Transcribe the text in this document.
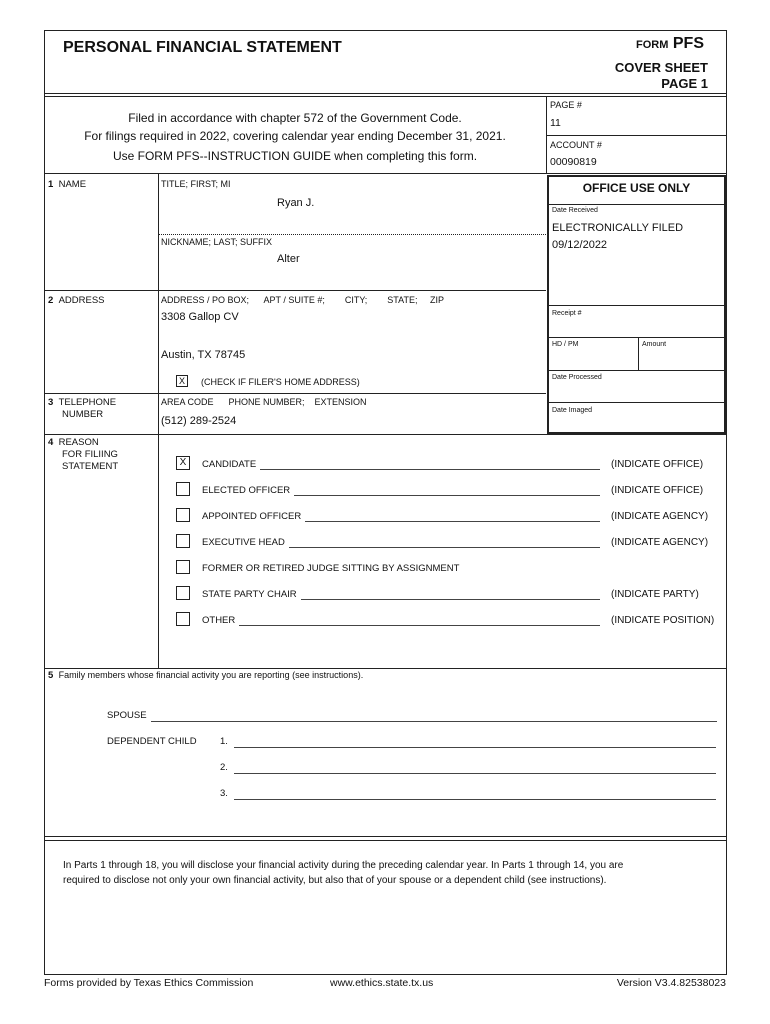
PERSONAL FINANCIAL STATEMENT	FORM PFS
COVER SHEET
PAGE 1
Filed in accordance with chapter 572 of the Government Code.
For filings required in 2022, covering calendar year ending December 31, 2021.
Use FORM PFS--INSTRUCTION GUIDE when completing this form.
PAGE #
11
ACCOUNT #
00090819
1 NAME	TITLE; FIRST; MI
Ryan J.
NICKNAME; LAST; SUFFIX
Alter
2 ADDRESS	ADDRESS / PO BOX;      APT / SUITE #;        CITY;        STATE;     ZIP
3308 Gallop CV
Austin, TX 78745
X	(CHECK IF FILER'S HOME ADDRESS)
3 TELEPHONE
NUMBER
AREA CODE      PHONE NUMBER;    EXTENSION
(512) 289-2524
OFFICE USE ONLY
Date Received
ELECTRONICALLY FILED
09/12/2022
Receipt #
HD / PM	Amount
Date Processed
Date Imaged
4 REASON
FOR FILIING
STATEMENT	X	CANDIDATE	(INDICATE OFFICE)
ELECTED OFFICER	(INDICATE OFFICE)
APPOINTED OFFICER	(INDICATE AGENCY)
EXECUTIVE HEAD	(INDICATE AGENCY)
FORMER OR RETIRED JUDGE SITTING BY ASSIGNMENT
STATE PARTY CHAIR	(INDICATE PARTY)
OTHER	(INDICATE POSITION)
5 Family members whose financial activity you are reporting (see instructions).
SPOUSE
DEPENDENT CHILD 1.
2.
3.
In Parts 1 through 18, you will disclose your financial activity during the preceding calendar year. In Parts 1 through 14, you are
required to disclose not only your own financial activity, but also that of your spouse or a dependent child (see instructions).
Forms provided by Texas Ethics Commission	www.ethics.state.tx.us	Version V3.4.82538023
